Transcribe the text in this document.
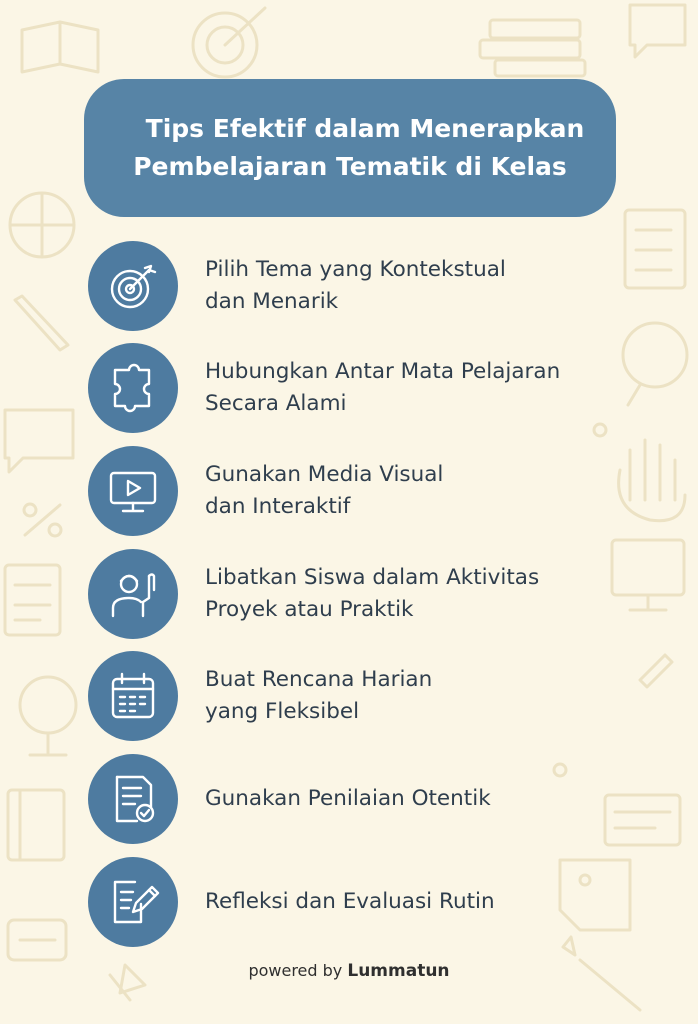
Tips Efektif dalam Menerapkan
Pembelajaran Tematik di Kelas
Pilih Tema yang Kontekstual
dan Menarik
Hubungkan Antar Mata Pelajaran
Secara Alami
Gunakan Media Visual
dan Interaktif
Libatkan Siswa dalam Aktivitas
Proyek atau Praktik
Buat Rencana Harian
yang Fleksibel
Gunakan Penilaian Otentik
Refleksi dan Evaluasi Rutin
powered by Lummatun
